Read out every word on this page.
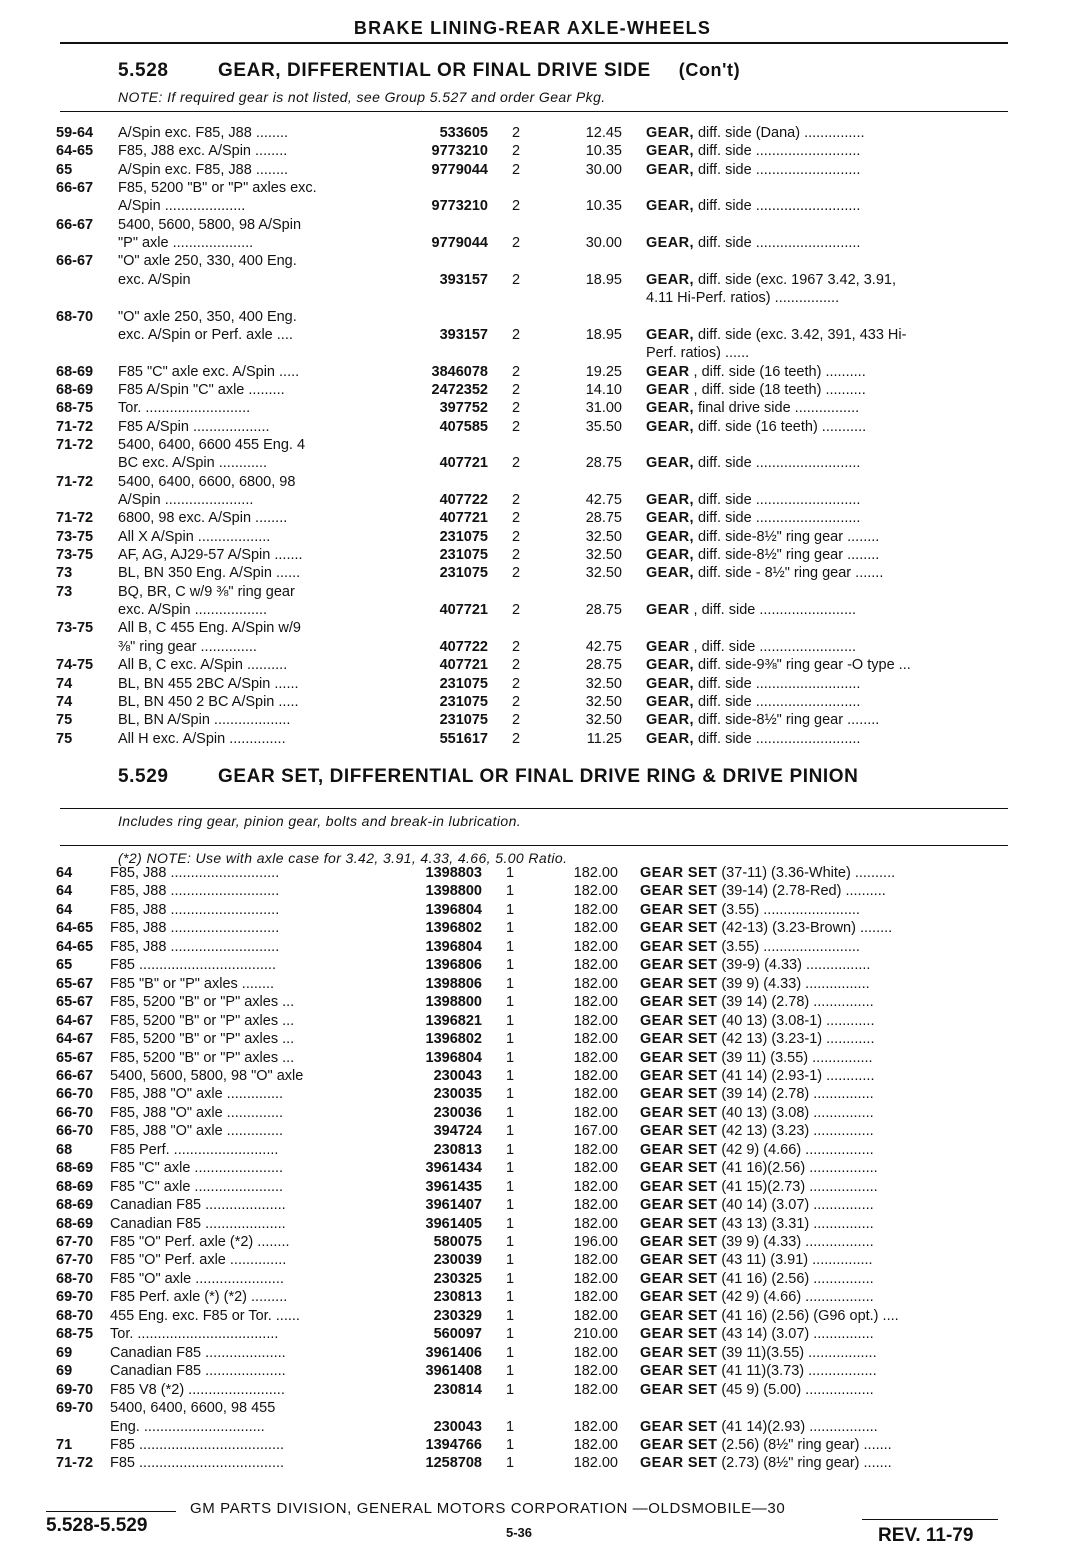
BRAKE LINING-REAR AXLE-WHEELS
5.528	GEAR, DIFFERENTIAL OR FINAL DRIVE SIDE (Con't)
NOTE: If required gear is not listed, see Group 5.527 and order Gear Pkg.
59-64	A/Spin exc. F85, J88 ........	533605	2	12.45 GEAR, diff. side (Dana) ...............
64-65	F85, J88 exc. A/Spin ........	9773210	2	10.35 GEAR, diff. side ..........................
65	A/Spin exc. F85, J88 ........	9779044	2	30.00 GEAR, diff. side ..........................
66-67	F85, 5200 "B" or "P" axles exc.
A/Spin ....................	9773210	2	10.35 GEAR, diff. side ..........................
66-67	5400, 5600, 5800, 98 A/Spin
"P" axle ....................	9779044	2	30.00 GEAR, diff. side ..........................
66-67	"O" axle 250, 330, 400 Eng.
exc. A/Spin	393157	2	18.95 GEAR, diff. side (exc. 1967 3.42, 3.91,
4.11 Hi-Perf. ratios) ................
68-70	"O" axle 250, 350, 400 Eng.
exc. A/Spin or Perf. axle ....	393157	2	18.95 GEAR, diff. side (exc. 3.42, 391, 433 Hi-
Perf. ratios) ......
68-69	F85 "C" axle exc. A/Spin .....	3846078	2	19.25 GEAR , diff. side (16 teeth) ..........
68-69	F85 A/Spin "C" axle .........	2472352	2	14.10 GEAR , diff. side (18 teeth) ..........
68-75	Tor. ..........................	397752	2	31.00 GEAR, final drive side ................
71-72	F85 A/Spin ...................	407585	2	35.50 GEAR, diff. side (16 teeth) ...........
71-72	5400, 6400, 6600 455 Eng. 4
BC exc. A/Spin ............	407721	2	28.75 GEAR, diff. side ..........................
71-72	5400, 6400, 6600, 6800, 98
A/Spin ......................	407722	2	42.75 GEAR, diff. side ..........................
71-72	6800, 98 exc. A/Spin ........	407721	2	28.75 GEAR, diff. side ..........................
73-75	All X A/Spin ..................	231075	2	32.50 GEAR, diff. side-8½" ring gear ........
73-75	AF, AG, AJ29-57 A/Spin .......	231075	2	32.50 GEAR, diff. side-8½" ring gear ........
73	BL, BN 350 Eng. A/Spin ......	231075	2	32.50 GEAR, diff. side - 8½" ring gear .......
73	BQ, BR, C w/9 ⅜" ring gear
exc. A/Spin ..................	407721	2	28.75 GEAR , diff. side ........................
73-75	All B, C 455 Eng. A/Spin w/9
⅜" ring gear ..............	407722	2	42.75 GEAR , diff. side ........................
74-75	All B, C exc. A/Spin ..........	407721	2	28.75 GEAR, diff. side-9⅜" ring gear -O type ...
74	BL, BN 455 2BC A/Spin ......	231075	2	32.50 GEAR, diff. side ..........................
74	BL, BN 450 2 BC A/Spin .....	231075	2	32.50 GEAR, diff. side ..........................
75	BL, BN A/Spin ...................	231075	2	32.50 GEAR, diff. side-8½" ring gear ........
75	All H exc. A/Spin ..............	551617	2	11.25 GEAR, diff. side ..........................
5.529	GEAR SET, DIFFERENTIAL OR FINAL DRIVE RING & DRIVE PINION
Includes ring gear, pinion gear, bolts and break-in lubrication.
(*2) NOTE: Use with axle case for 3.42, 3.91, 4.33, 4.66, 5.00 Ratio.
64	F85, J88 ...........................	1398803	1	182.00 GEAR SET (37-11) (3.36-White) ..........
64	F85, J88 ...........................	1398800	1	182.00 GEAR SET (39-14) (2.78-Red) ..........
64	F85, J88 ...........................	1396804	1	182.00 GEAR SET (3.55) ........................
64-65	F85, J88 ...........................	1396802	1	182.00 GEAR SET (42-13) (3.23-Brown) ........
64-65	F85, J88 ...........................	1396804	1	182.00 GEAR SET (3.55) ........................
65	F85 ..................................	1396806	1	182.00 GEAR SET (39-9) (4.33) ................
65-67	F85 "B" or "P" axles ........	1398806	1	182.00 GEAR SET (39 9) (4.33) ................
65-67	F85, 5200 "B" or "P" axles ...	1398800	1	182.00 GEAR SET (39 14) (2.78) ...............
64-67	F85, 5200 "B" or "P" axles ...	1396821	1	182.00 GEAR SET (40 13) (3.08-1) ............
64-67	F85, 5200 "B" or "P" axles ...	1396802	1	182.00 GEAR SET (42 13) (3.23-1) ............
65-67	F85, 5200 "B" or "P" axles ...	1396804	1	182.00 GEAR SET (39 11) (3.55) ...............
66-67	5400, 5600, 5800, 98 "O" axle	230043	1	182.00 GEAR SET (41 14) (2.93-1) ............
66-70	F85, J88 "O" axle ..............	230035	1	182.00 GEAR SET (39 14) (2.78) ...............
66-70	F85, J88 "O" axle ..............	230036	1	182.00 GEAR SET (40 13) (3.08) ...............
66-70	F85, J88 "O" axle ..............	394724	1	167.00 GEAR SET (42 13) (3.23) ...............
68	F85 Perf. ..........................	230813	1	182.00 GEAR SET (42 9) (4.66) .................
68-69	F85 "C" axle ......................	3961434	1	182.00 GEAR SET (41 16)(2.56) .................
68-69	F85 "C" axle ......................	3961435	1	182.00 GEAR SET (41 15)(2.73) .................
68-69	Canadian F85 ....................	3961407	1	182.00 GEAR SET (40 14) (3.07) ...............
68-69	Canadian F85 ....................	3961405	1	182.00 GEAR SET (43 13) (3.31) ...............
67-70	F85 "O" Perf. axle (*2) ........	580075	1	196.00 GEAR SET (39 9) (4.33) .................
67-70	F85 "O" Perf. axle ..............	230039	1	182.00 GEAR SET (43 11) (3.91) ...............
68-70	F85 "O" axle ......................	230325	1	182.00 GEAR SET (41 16) (2.56) ...............
69-70	F85 Perf. axle (*) (*2) .........	230813	1	182.00 GEAR SET (42 9) (4.66) .................
68-70	455 Eng. exc. F85 or Tor. ......	230329	1	182.00 GEAR SET (41 16) (2.56) (G96 opt.) ....
68-75	Tor. ...................................	560097	1	210.00 GEAR SET (43 14) (3.07) ...............
69	Canadian F85 ....................	3961406	1	182.00 GEAR SET (39 11)(3.55) .................
69	Canadian F85 ....................	3961408	1	182.00 GEAR SET (41 11)(3.73) .................
69-70	F85 V8 (*2) ........................	230814	1	182.00 GEAR SET (45 9) (5.00) .................
69-70	5400, 6400, 6600, 98 455
Eng. ..............................	230043	1	182.00 GEAR SET (41 14)(2.93) .................
71	F85 ....................................	1394766	1	182.00 GEAR SET (2.56) (8½" ring gear) .......
71-72	F85 ....................................	1258708	1	182.00 GEAR SET (2.73) (8½" ring gear) .......
GM PARTS DIVISION, GENERAL MOTORS CORPORATION —OLDSMOBILE—30
5.528-5.529	5-36	REV. 11-79
